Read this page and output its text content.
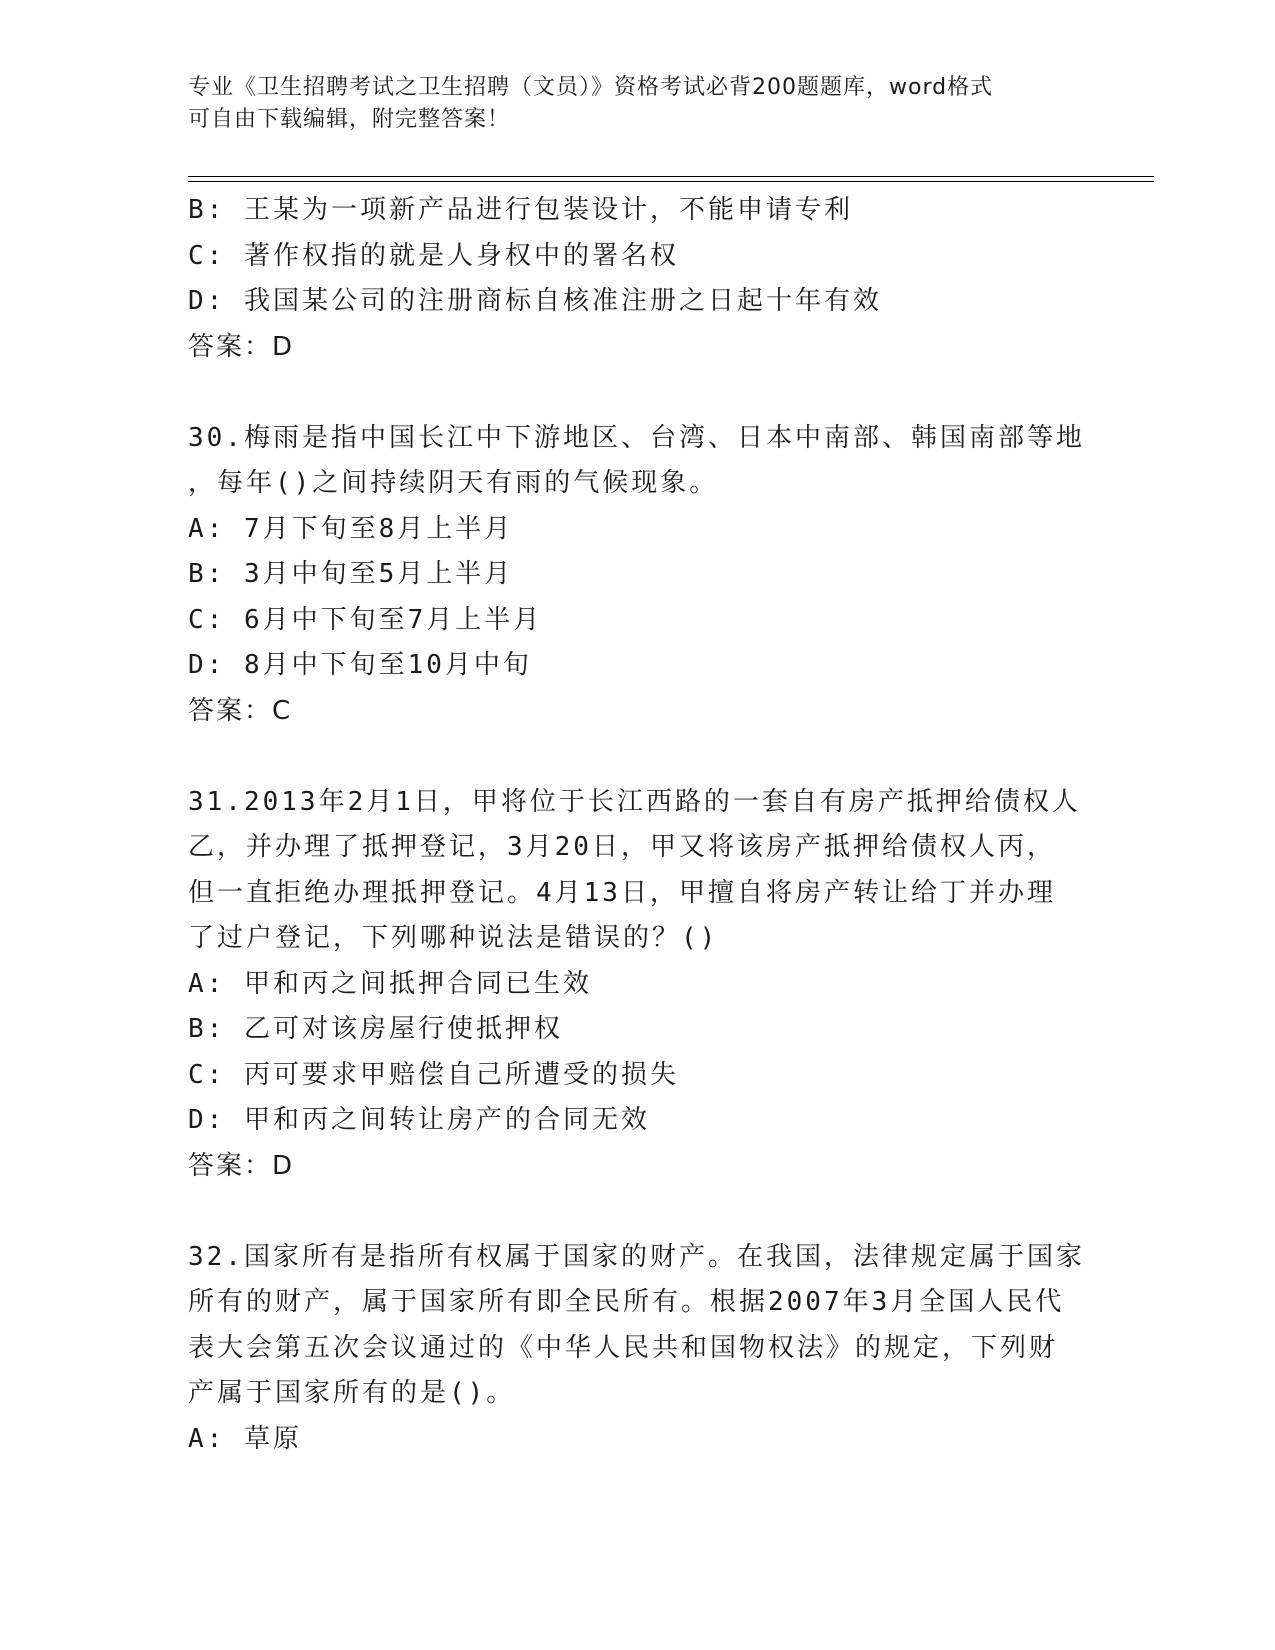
专业《卫生招聘考试之卫生招聘（文员）》资格考试必背200题题库，word格式
可自由下载编辑，附完整答案！
B: 王某为一项新产品进行包装设计，不能申请专利
C: 著作权指的就是人身权中的署名权
D: 我国某公司的注册商标自核准注册之日起十年有效
答案：D
30.梅雨是指中国长江中下游地区、台湾、日本中南部、韩国南部等地
，每年()之间持续阴天有雨的气候现象。
A: 7月下旬至8月上半月
B: 3月中旬至5月上半月
C: 6月中下旬至7月上半月
D: 8月中下旬至10月中旬
答案：C
31.2013年2月1日，甲将位于长江西路的一套自有房产抵押给债权人
乙，并办理了抵押登记，3月20日，甲又将该房产抵押给债权人丙，
但一直拒绝办理抵押登记。4月13日，甲擅自将房产转让给丁并办理
了过户登记，下列哪种说法是错误的？()
A: 甲和丙之间抵押合同已生效
B: 乙可对该房屋行使抵押权
C: 丙可要求甲赔偿自己所遭受的损失
D: 甲和丙之间转让房产的合同无效
答案：D
32.国家所有是指所有权属于国家的财产。在我国，法律规定属于国家
所有的财产，属于国家所有即全民所有。根据2007年3月全国人民代
表大会第五次会议通过的《中华人民共和国物权法》的规定，下列财
产属于国家所有的是()。
A: 草原
